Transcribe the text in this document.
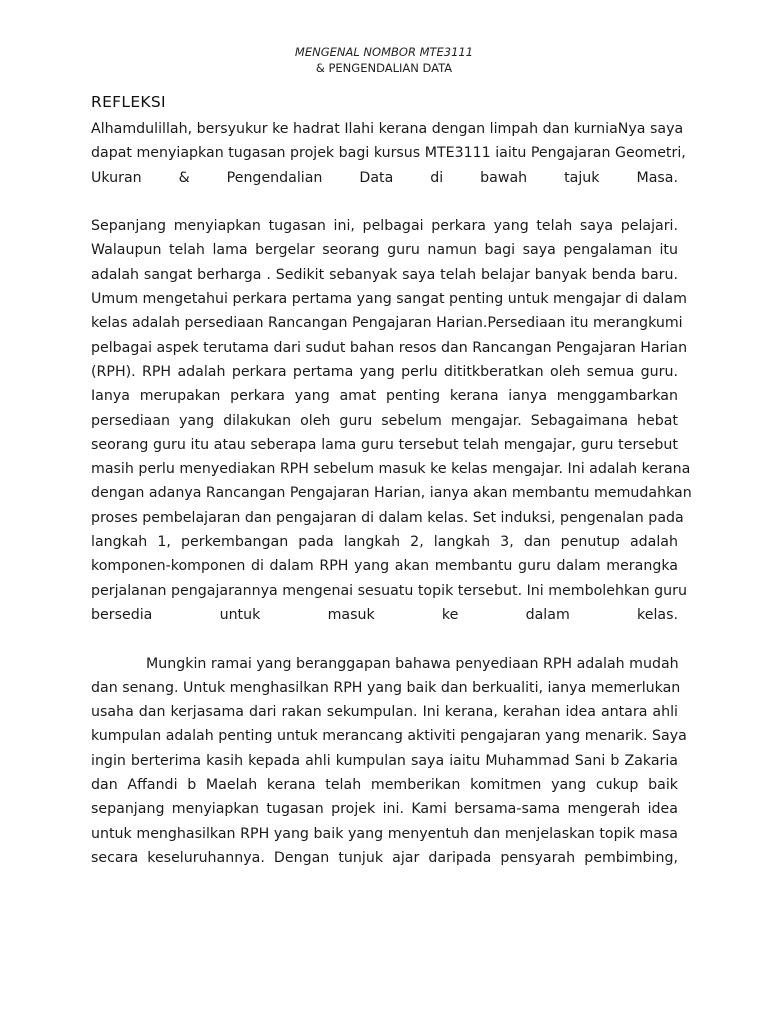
MENGENAL NOMBOR MTE3111
& PENGENDALIAN DATA
REFLEKSI
Alhamdulillah, bersyukur ke hadrat Ilahi kerana dengan limpah dan kurniaNya saya
dapat menyiapkan tugasan projek bagi kursus MTE3111 iaitu Pengajaran Geometri,
Ukuran & Pengendalian Data di bawah tajuk Masa.
Sepanjang menyiapkan tugasan ini, pelbagai perkara yang telah saya pelajari.
Walaupun telah lama bergelar seorang guru namun bagi saya pengalaman itu
adalah sangat berharga . Sedikit sebanyak saya telah belajar banyak benda baru.
Umum mengetahui perkara pertama yang sangat penting untuk mengajar di dalam
kelas adalah persediaan Rancangan Pengajaran Harian.Persediaan itu merangkumi
pelbagai aspek terutama dari sudut bahan resos dan Rancangan Pengajaran Harian
(RPH). RPH adalah perkara pertama yang perlu dititkberatkan oleh semua guru.
Ianya merupakan perkara yang amat penting kerana ianya menggambarkan
persediaan yang dilakukan oleh guru sebelum mengajar. Sebagaimana hebat
seorang guru itu atau seberapa lama guru tersebut telah mengajar, guru tersebut
masih perlu menyediakan RPH sebelum masuk ke kelas mengajar. Ini adalah kerana
dengan adanya Rancangan Pengajaran Harian, ianya akan membantu memudahkan
proses pembelajaran dan pengajaran di dalam kelas. Set induksi, pengenalan pada
langkah 1, perkembangan pada langkah 2, langkah 3, dan penutup adalah
komponen-komponen di dalam RPH yang akan membantu guru dalam merangka
perjalanan pengajarannya mengenai sesuatu topik tersebut. Ini membolehkan guru
bersedia untuk masuk ke dalam kelas.
Mungkin ramai yang beranggapan bahawa penyediaan RPH adalah mudah
dan senang. Untuk menghasilkan RPH yang baik dan berkualiti, ianya memerlukan
usaha dan kerjasama dari rakan sekumpulan. Ini kerana, kerahan idea antara ahli
kumpulan adalah penting untuk merancang aktiviti pengajaran yang menarik. Saya
ingin berterima kasih kepada ahli kumpulan saya iaitu Muhammad Sani b Zakaria
dan Affandi b Maelah kerana telah memberikan komitmen yang cukup baik
sepanjang menyiapkan tugasan projek ini. Kami bersama-sama mengerah idea
untuk menghasilkan RPH yang baik yang menyentuh dan menjelaskan topik masa
secara keseluruhannya. Dengan tunjuk ajar daripada pensyarah pembimbing,
